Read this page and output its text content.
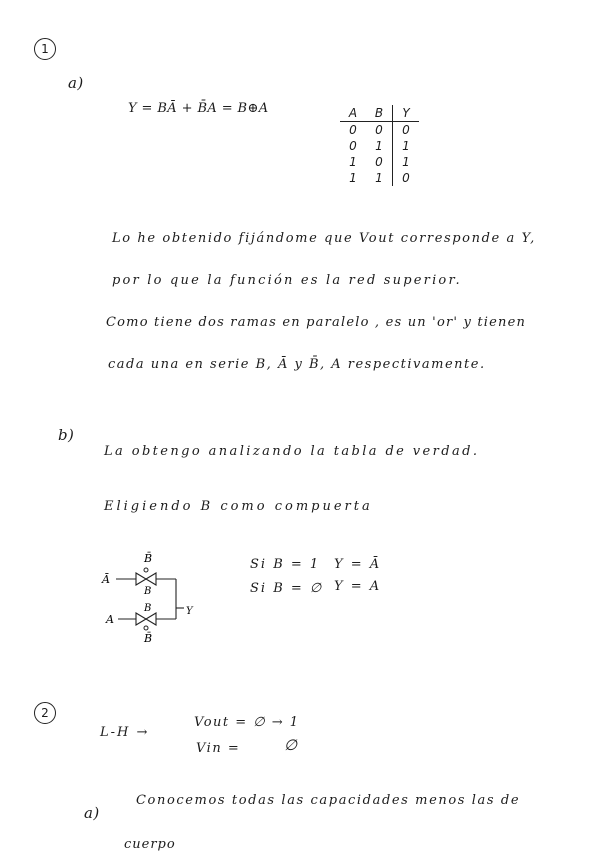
1
a)
Y = BĀ + B̄A = B⊕A	A	B	Y
0	0	0
0	1	1
1	0	1
1	1	0
Lo he obtenido fijándome que Vout corresponde a Y,
por lo que la función es la red superior.
Como tiene dos ramas en paralelo , es un 'or' y tienen
cada una en serie B, Ā y B̄, A respectivamente.
b)
La obtengo analizando la tabla de verdad.
Eligiendo B como compuerta
B̄
Ā
B
B
A
Y
B̄
Si B = 1 Y = Ā
Si B = ∅ Y = A
2
L-H →
Vout = ∅ → 1
Vin =	∅
a)
Conocemos todas las capacidades menos las de
cuerpo
